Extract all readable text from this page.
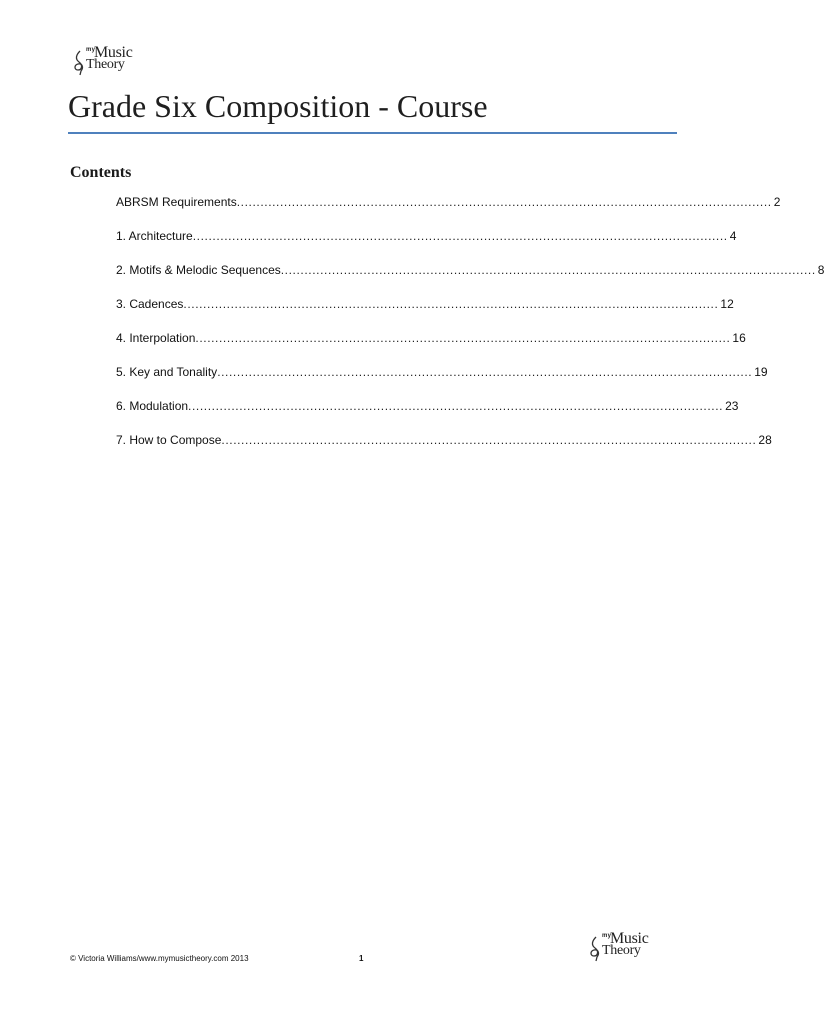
my
Music
Theory
Grade Six Composition - Course
Contents
ABRSM Requirements ........................................................................................................................................ 2
1. Architecture ........................................................................................................................................ 4
2. Motifs & Melodic Sequences ........................................................................................................................................ 8
3. Cadences ........................................................................................................................................ 12
4. Interpolation ........................................................................................................................................ 16
5. Key and Tonality ........................................................................................................................................ 19
6. Modulation ........................................................................................................................................ 23
7. How to Compose ........................................................................................................................................ 28
© Victoria Williams/www.mymusictheory.com 2013	1
my
Music
Theory
